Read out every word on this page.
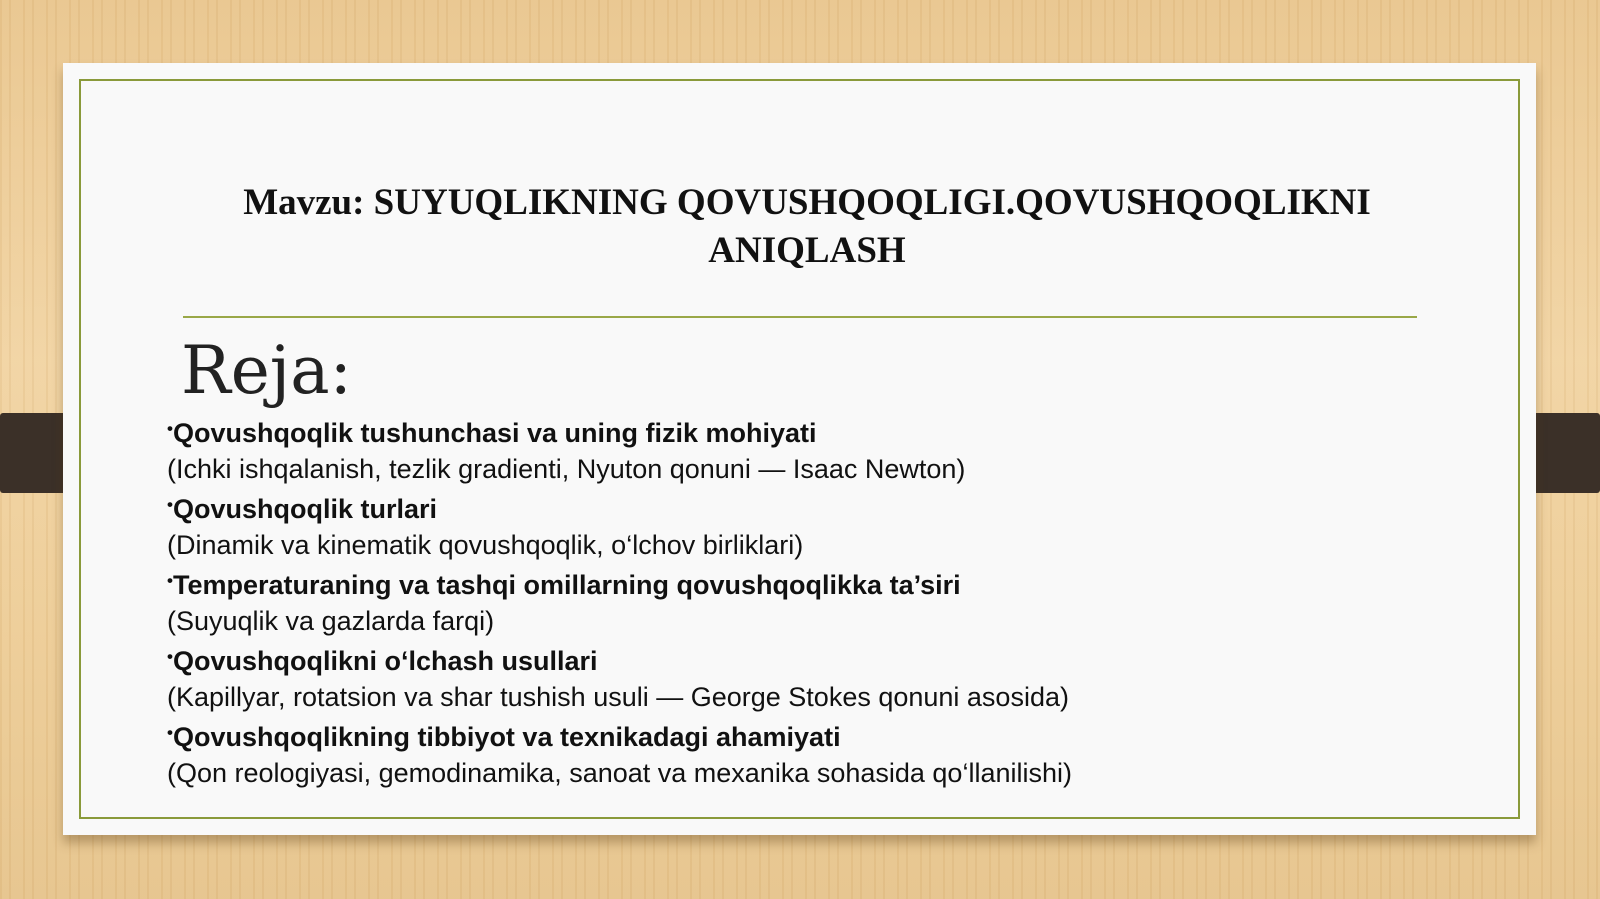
Mavzu: SUYUQLIKNING QOVUSHQOQLIGI.QOVUSHQOQLIKNI ANIQLASH
Reja:
•Qovushqoqlik tushunchasi va uning fizik mohiyati
(Ichki ishqalanish, tezlik gradienti, Nyuton qonuni — Isaac Newton)
•Qovushqoqlik turlari
(Dinamik va kinematik qovushqoqlik, o‘lchov birliklari)
•Temperaturaning va tashqi omillarning qovushqoqlikka ta’siri
(Suyuqlik va gazlarda farqi)
•Qovushqoqlikni o‘lchash usullari
(Kapillyar, rotatsion va shar tushish usuli — George Stokes qonuni asosida)
•Qovushqoqlikning tibbiyot va texnikadagi ahamiyati
(Qon reologiyasi, gemodinamika, sanoat va mexanika sohasida qo‘llanilishi)
